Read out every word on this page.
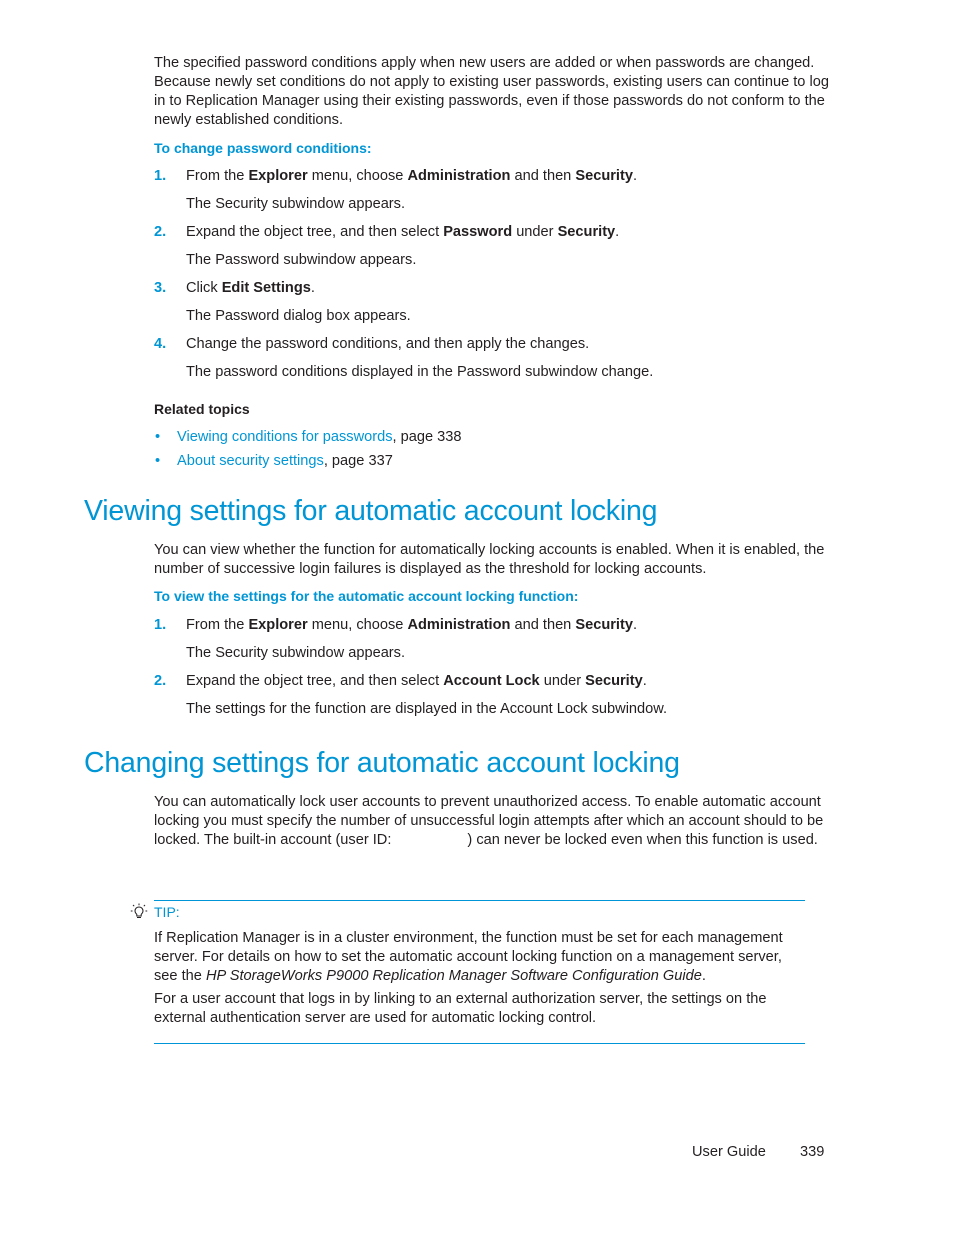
The specified password conditions apply when new users are added or when passwords are changed. Because newly set conditions do not apply to existing user passwords, existing users can continue to log in to Replication Manager using their existing passwords, even if those passwords do not conform to the newly established conditions.
To change password conditions:
1. From the Explorer menu, choose Administration and then Security.
The Security subwindow appears.
2. Expand the object tree, and then select Password under Security.
The Password subwindow appears.
3. Click Edit Settings.
The Password dialog box appears.
4. Change the password conditions, and then apply the changes.
The password conditions displayed in the Password subwindow change.
Related topics
• Viewing conditions for passwords, page 338
• About security settings, page 337
Viewing settings for automatic account locking
You can view whether the function for automatically locking accounts is enabled. When it is enabled, the number of successive login failures is displayed as the threshold for locking accounts.
To view the settings for the automatic account locking function:
1. From the Explorer menu, choose Administration and then Security.
The Security subwindow appears.
2. Expand the object tree, and then select Account Lock under Security.
The settings for the function are displayed in the Account Lock subwindow.
Changing settings for automatic account locking
You can automatically lock user accounts to prevent unauthorized access. To enable automatic account locking you must specify the number of unsuccessful login attempts after which an account should to be locked. The built-in account (user ID:	) can never be locked even when this function is used.
TIP:
If Replication Manager is in a cluster environment, the function must be set for each management server. For details on how to set the automatic account locking function on a management server, see the HP StorageWorks P9000 Replication Manager Software Configuration Guide.
For a user account that logs in by linking to an external authorization server, the settings on the external authentication server are used for automatic locking control.
User Guide 339
